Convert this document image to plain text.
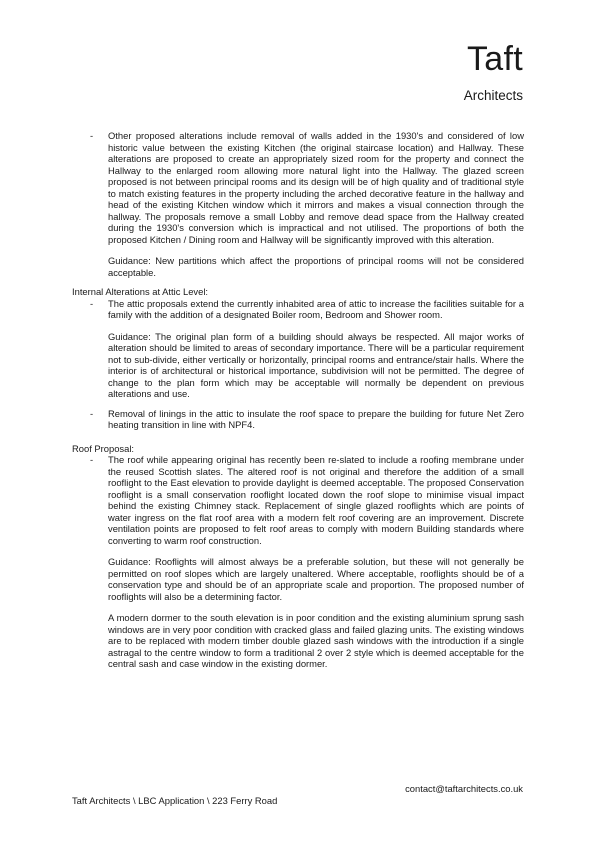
Taft
Architects
- Other proposed alterations include removal of walls added in the 1930's and considered of low historic value between the existing Kitchen (the original staircase location) and Hallway. These alterations are proposed to create an appropriately sized room for the property and connect the Hallway to the enlarged room allowing more natural light into the Hallway. The glazed screen proposed is not between principal rooms and its design will be of high quality and of traditional style to match existing features in the property including the arched decorative feature in the hallway and head of the existing Kitchen window which it mirrors and makes a visual connection through the hallway. The proposals remove a small Lobby and remove dead space from the Hallway created during the 1930's conversion which is impractical and not utilised. The proportions of both the proposed Kitchen / Dining room and Hallway will be significantly improved with this alteration.

Guidance: New partitions which affect the proportions of principal rooms will not be considered acceptable.

Internal Alterations at Attic Level:

- The attic proposals extend the currently inhabited area of attic to increase the facilities suitable for a family with the addition of a designated Boiler room, Bedroom and Shower room.

Guidance: The original plan form of a building should always be respected. All major works of alteration should be limited to areas of secondary importance. There will be a particular requirement not to sub-divide, either vertically or horizontally, principal rooms and entrance/stair halls. Where the interior is of architectural or historical importance, subdivision will not be permitted. The degree of change to the plan form which may be acceptable will normally be dependent on previous alterations and use.

- Removal of linings in the attic to insulate the roof space to prepare the building for future Net Zero heating transition in line with NPF4.

Roof Proposal:

- The roof while appearing original has recently been re-slated to include a roofing membrane under the reused Scottish slates. The altered roof is not original and therefore the addition of a small rooflight to the East elevation to provide daylight is deemed acceptable. The proposed Conservation rooflight is a small conservation rooflight located down the roof slope to minimise visual impact behind the existing Chimney stack. Replacement of single glazed rooflights which are points of water ingress on the flat roof area with a modern felt roof covering are an improvement. Discrete ventilation points are proposed to felt roof areas to comply with modern Building standards where converting to warm roof construction.

Guidance: Rooflights will almost always be a preferable solution, but these will not generally be permitted on roof slopes which are largely unaltered. Where acceptable, rooflights should be of a conservation type and should be of an appropriate scale and proportion. The proposed number of rooflights will also be a determining factor.

A modern dormer to the south elevation is in poor condition and the existing aluminium sprung sash windows are in very poor condition with cracked glass and failed glazing units. The existing windows are to be replaced with modern timber double glazed sash windows with the introduction if a single astragal to the centre window to form a traditional 2 over 2 style which is deemed acceptable for the central sash and case window in the existing dormer.

contact@taftarchitects.co.uk
Taft Architects \ LBC Application \ 223 Ferry Road
